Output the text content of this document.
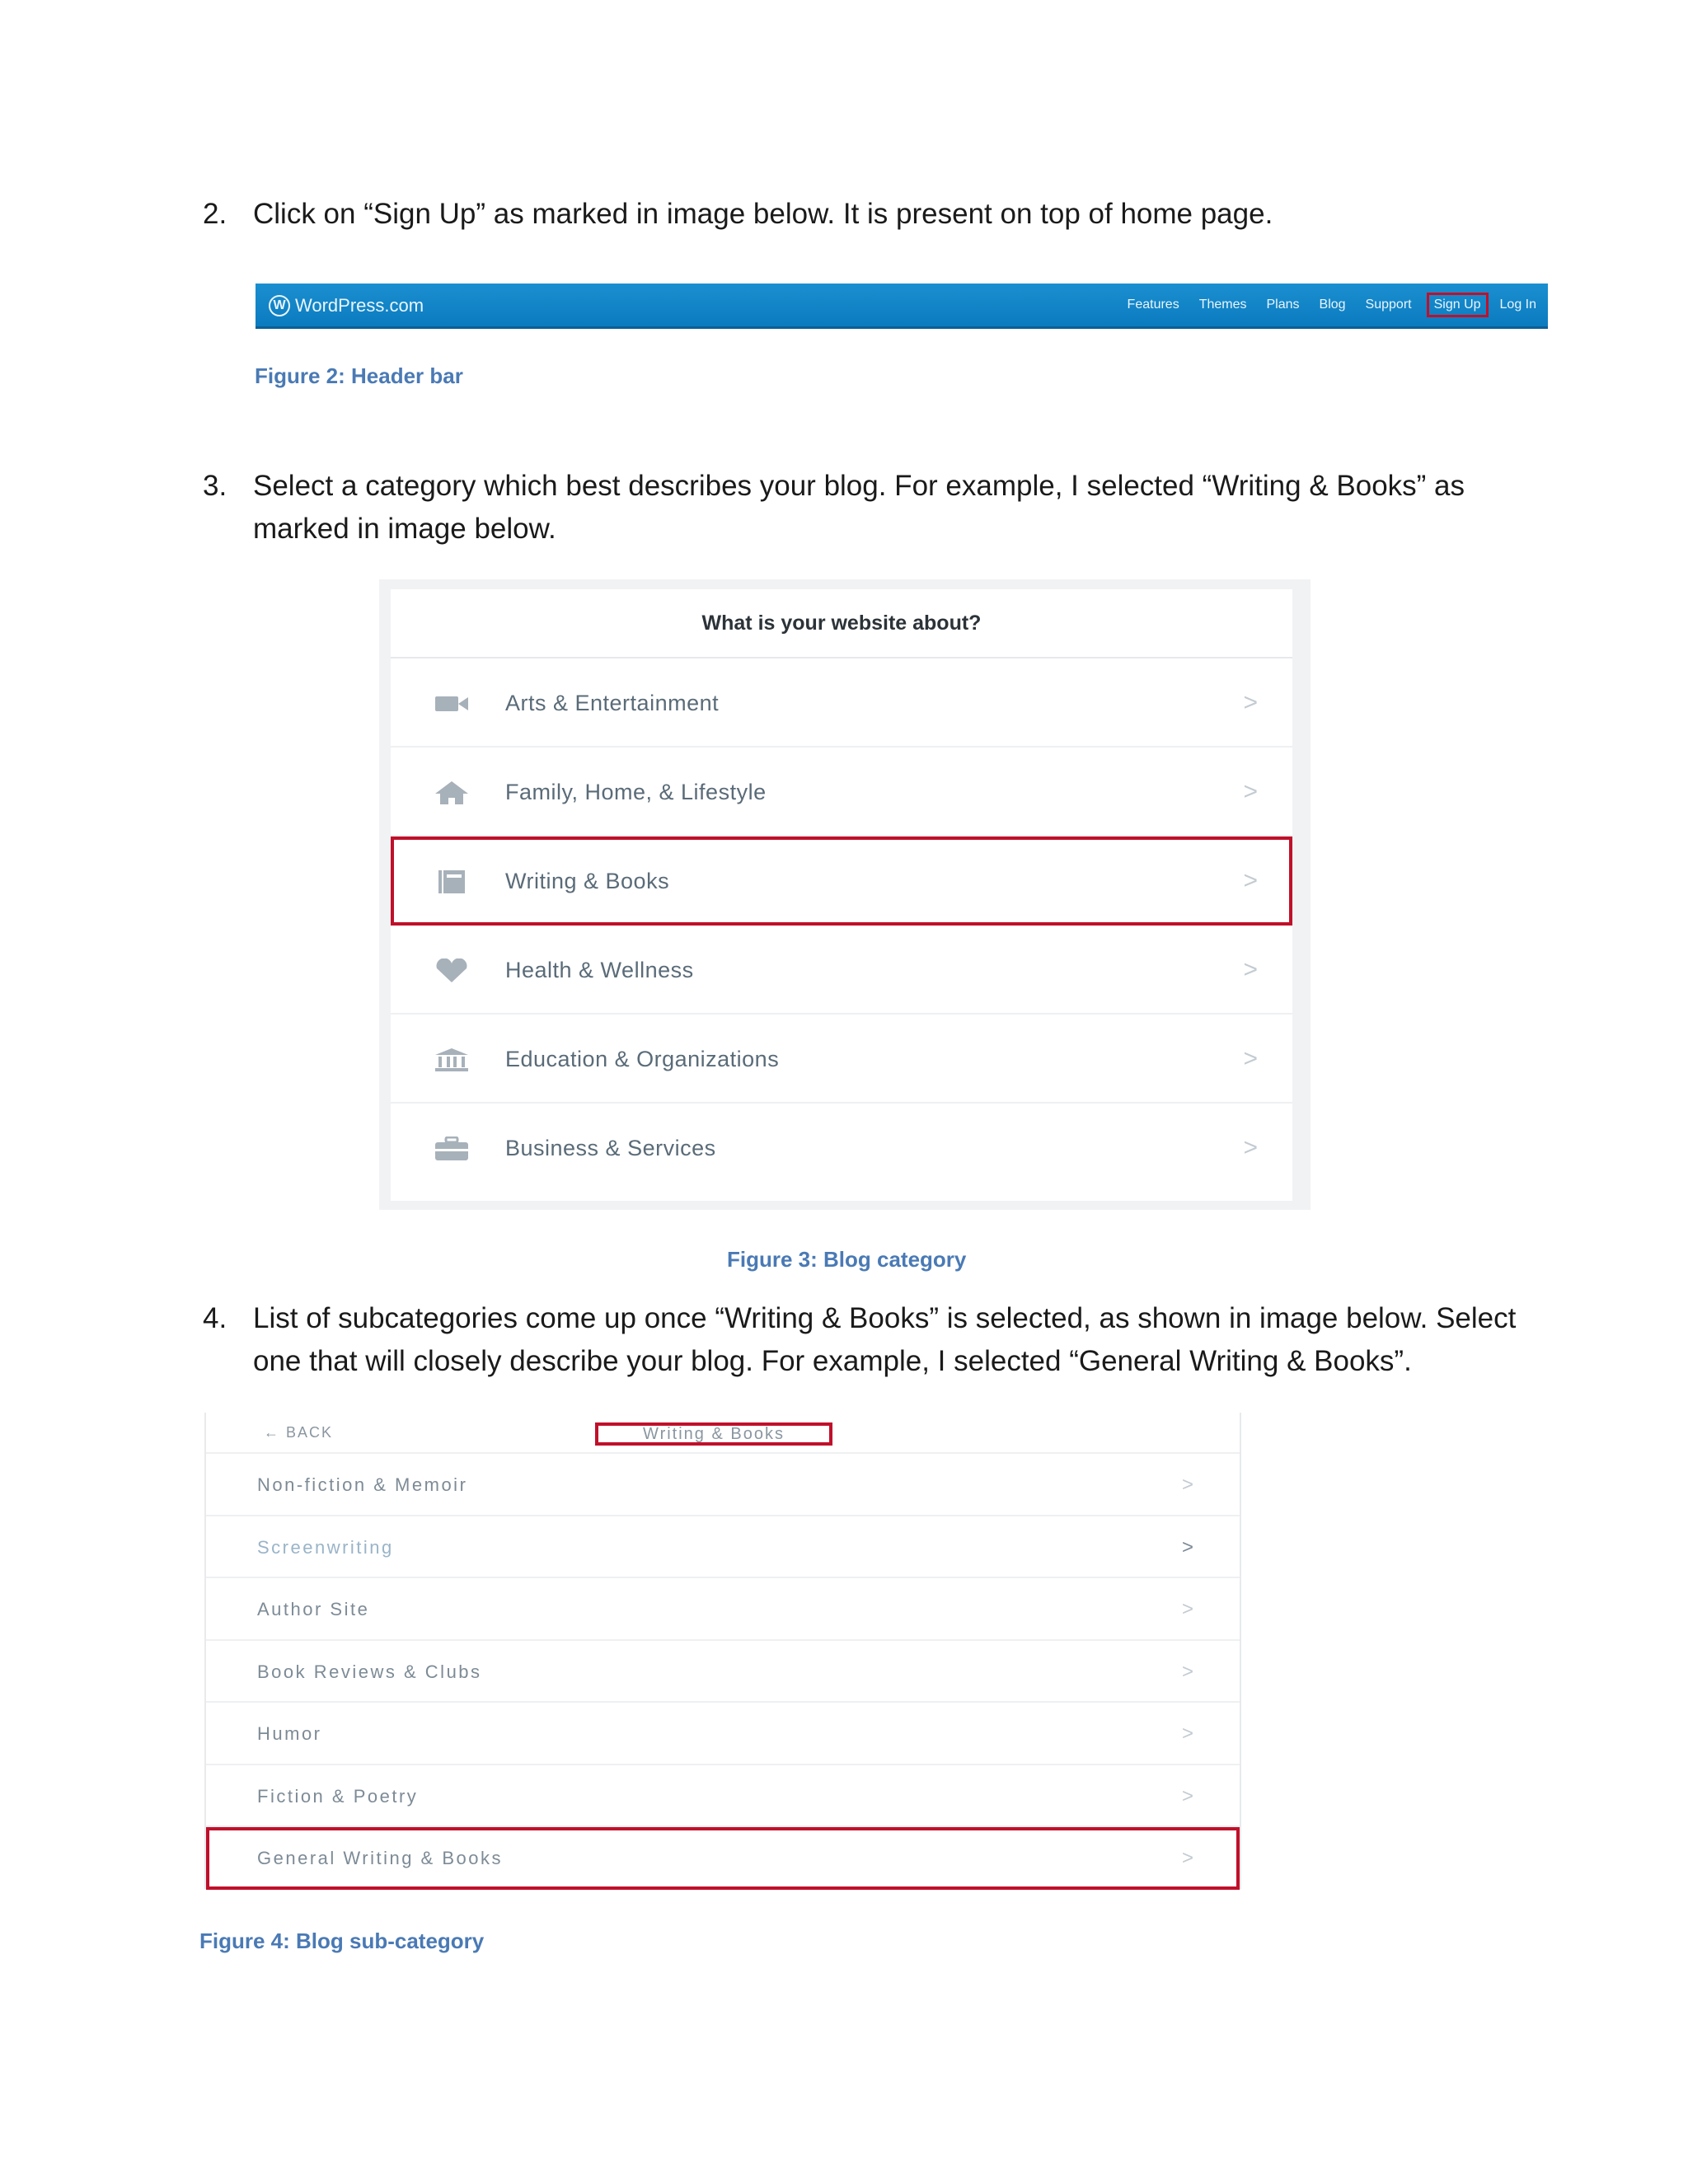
2. Click on “Sign Up” as marked in image below. It is present on top of home page.
W WordPress.com	Features Themes Plans Blog Support	Sign Up	Log In
Figure 2: Header bar
3. Select a category which best describes your blog. For example, I selected “Writing & Books” as marked in image below.
What is your website about?
Arts & Entertainment	>
Family, Home, & Lifestyle	>
Writing & Books	>
Health & Wellness	>
Education & Organizations	>
Business & Services	>
Figure 3: Blog category
4. List of subcategories come up once “Writing & Books” is selected, as shown in image below. Select one that will closely describe your blog. For example, I selected “General Writing & Books”.
← BACK	Writing & Books
Non-fiction & Memoir	>
Screenwriting	>
Author Site	>
Book Reviews & Clubs	>
Humor	>
Fiction & Poetry	>
General Writing & Books	>
Figure 4: Blog sub-category
